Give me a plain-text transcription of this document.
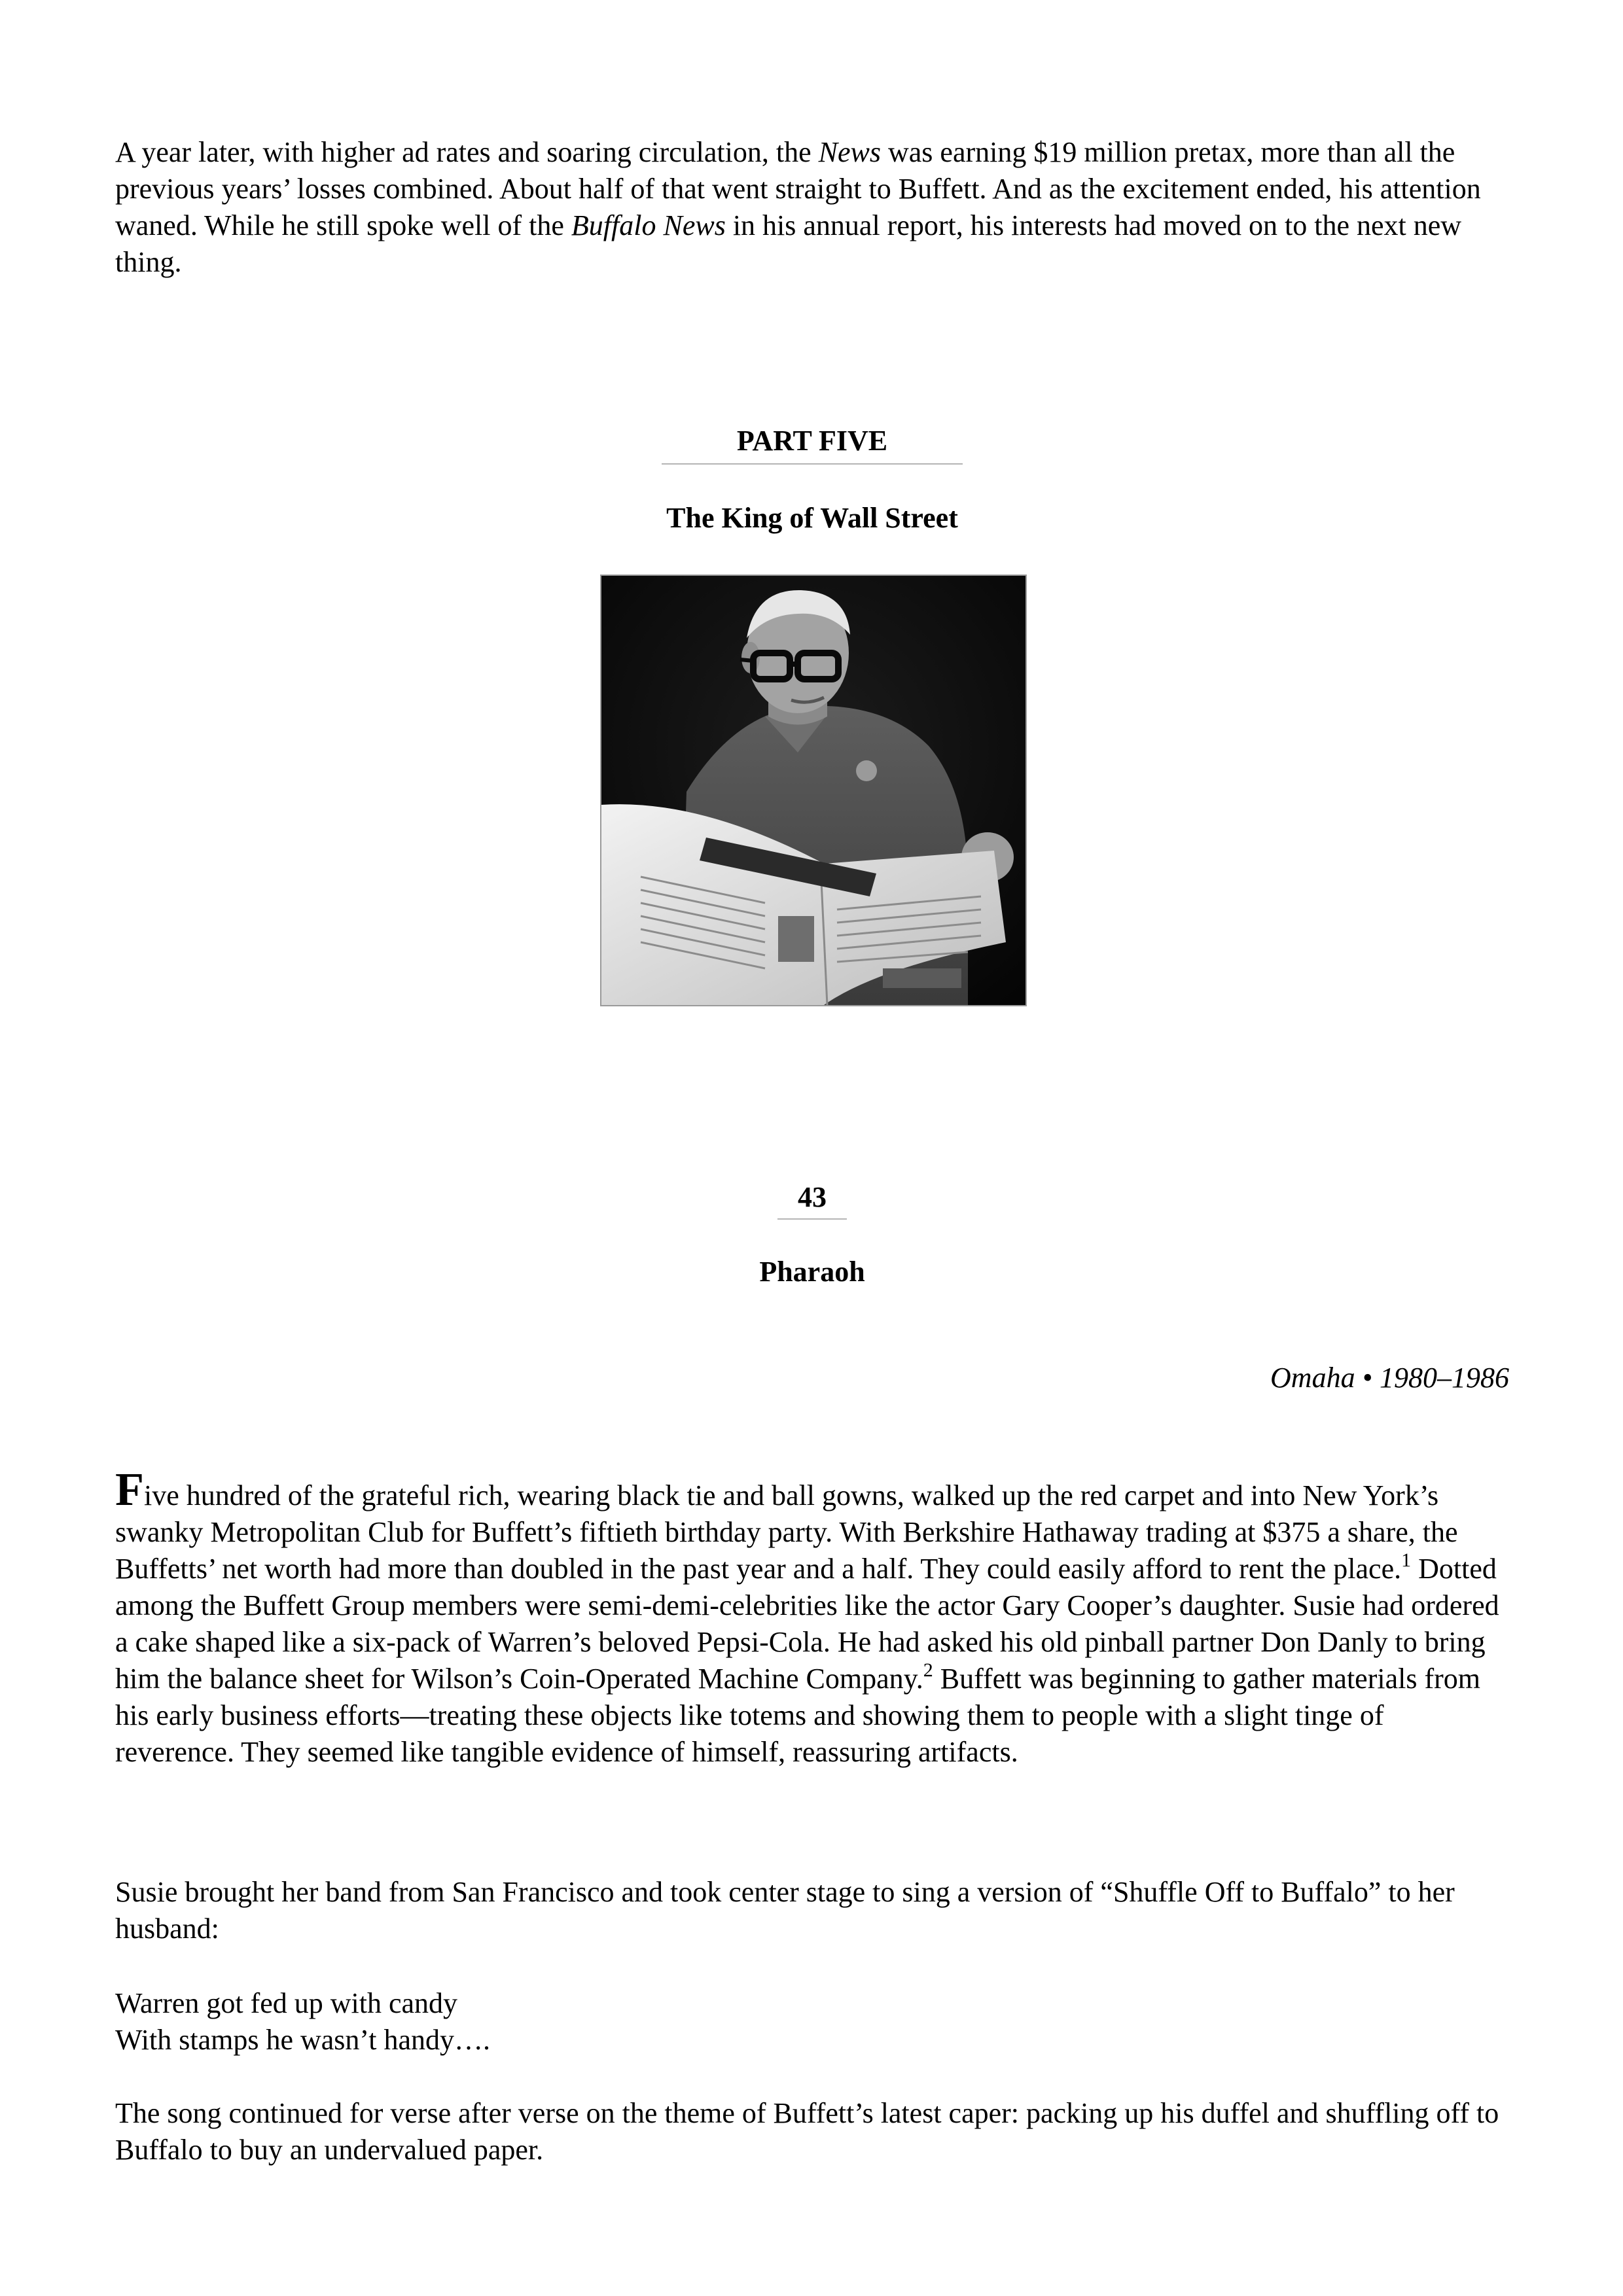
A year later, with higher ad rates and soaring circulation, the News was earning $19 million pretax, more than all the previous years’ losses combined. About half of that went straight to Buffett. And as the excitement ended, his attention waned. While he still spoke well of the Buffalo News in his annual report, his interests had moved on to the next new thing.

PART FIVE
The King of Wall Street
43
Pharaoh
Omaha • 1980–1986

Five hundred of the grateful rich, wearing black tie and ball gowns, walked up the red carpet and into New York’s swanky Metropolitan Club for Buffett’s fiftieth birthday party. With Berkshire Hathaway trading at $375 a share, the Buffetts’ net worth had more than doubled in the past year and a half. They could easily afford to rent the place.$^1$ Dotted among the Buffett Group members were semi-demi-celebrities like the actor Gary Cooper’s daughter. Susie had ordered a cake shaped like a six-pack of Warren’s beloved Pepsi-Cola. He had asked his old pinball partner Don Danly to bring him the balance sheet for Wilson’s Coin-Operated Machine Company.$^2$ Buffett was beginning to gather materials from his early business efforts—treating these objects like totems and showing them to people with a slight tinge of reverence. They seemed like tangible evidence of himself, reassuring artifacts.

Susie brought her band from San Francisco and took center stage to sing a version of “Shuffle Off to Buffalo” to her husband:

Warren got fed up with candy
With stamps he wasn’t handy….

The song continued for verse after verse on the theme of Buffett’s latest caper: packing up his duffel and shuffling off to Buffalo to buy an undervalued paper.
